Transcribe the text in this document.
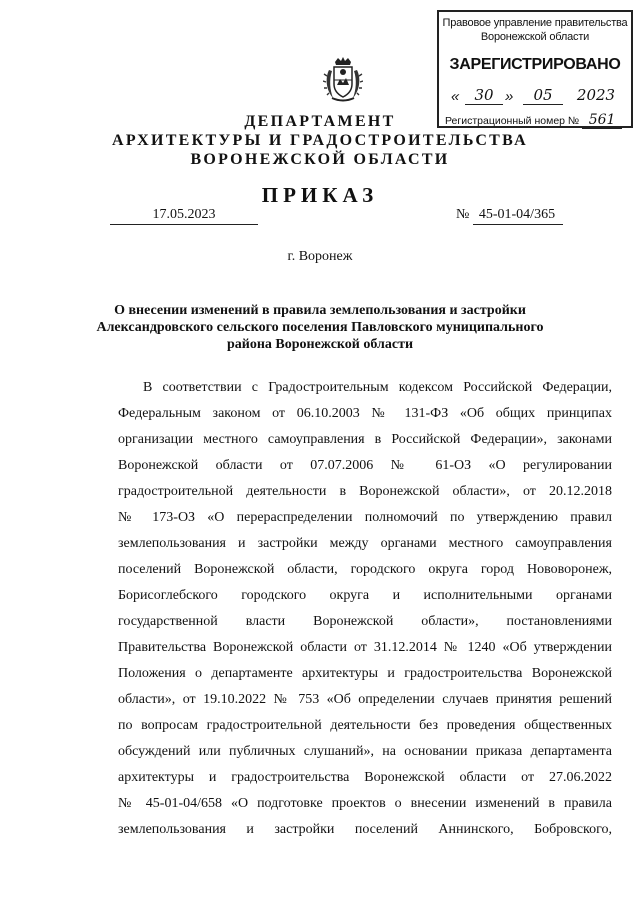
Правовое управление правительства
Воронежской области
ЗАРЕГИСТРИРОВАНО
«	30 »	05	2023
Регистрационный номер № 561
ДЕПАРТАМЕНТ
АРХИТЕКТУРЫ И ГРАДОСТРОИТЕЛЬСТВА
ВОРОНЕЖСКОЙ ОБЛАСТИ
ПРИКАЗ
17.05.2023	№ 45-01-04/365
г. Воронеж
О внесении изменений в правила землепользования и застройки
Александровского сельского поселения Павловского муниципального
района Воронежской области
В соответствии с Градостроительным кодексом Российской Федерации,
Федеральным законом от 06.10.2003 № 131-ФЗ «Об общих принципах
организации местного самоуправления в Российской Федерации», законами
Воронежской области от 07.07.2006 № 61-ОЗ «О регулировании
градостроительной деятельности в Воронежской области», от 20.12.2018
№ 173-ОЗ «О перераспределении полномочий по утверждению правил
землепользования и застройки между органами местного самоуправления
поселений Воронежской области, городского округа город Нововоронеж,
Борисоглебского городского округа и исполнительными органами
государственной власти Воронежской области», постановлениями
Правительства Воронежской области от 31.12.2014 № 1240 «Об утверждении
Положения о департаменте архитектуры и градостроительства Воронежской
области», от 19.10.2022 № 753 «Об определении случаев принятия решений
по вопросам градостроительной деятельности без проведения общественных
обсуждений или публичных слушаний», на основании приказа департамента
архитектуры и градостроительства Воронежской области от 27.06.2022
№ 45-01-04/658 «О подготовке проектов о внесении изменений в правила
землепользования и застройки поселений Аннинского, Бобровского,
